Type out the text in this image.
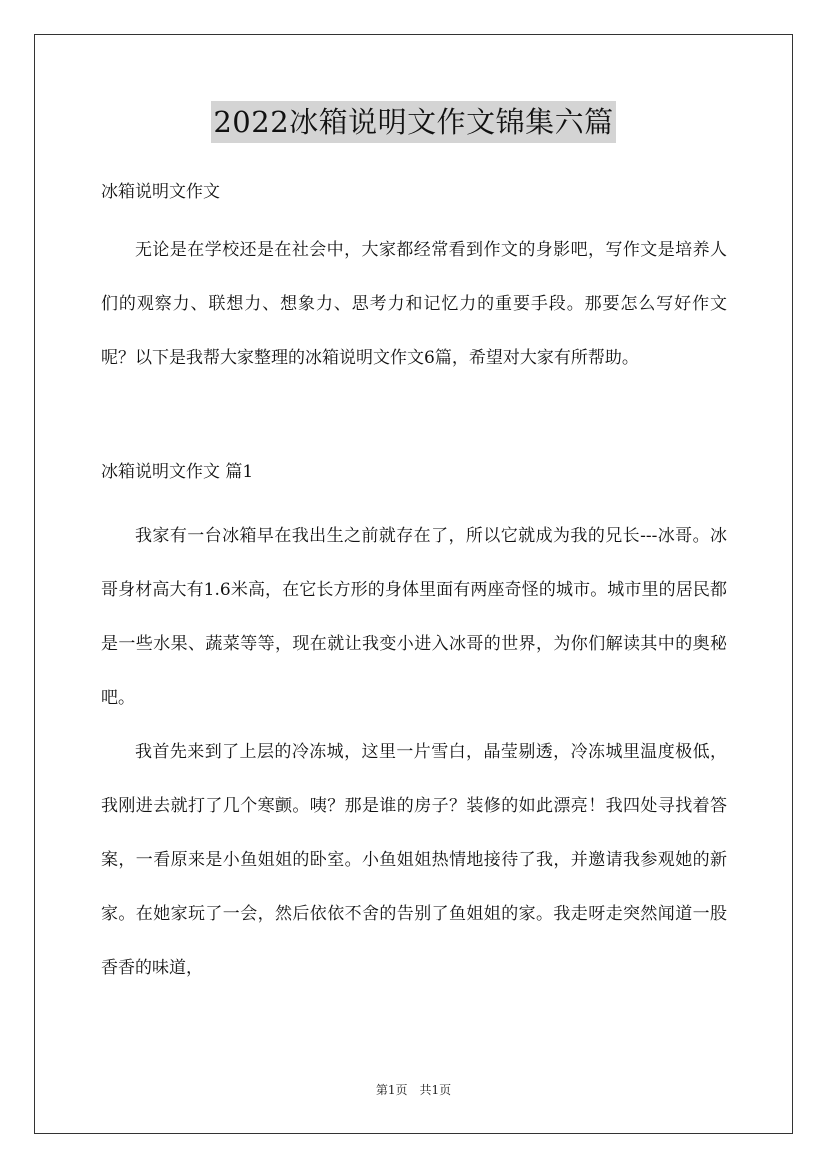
2022冰箱说明文作文锦集六篇

冰箱说明文作文

无论是在学校还是在社会中，大家都经常看到作文的身影吧，写作文是培养人们的观察力、联想力、想象力、思考力和记忆力的重要手段。那要怎么写好作文呢？以下是我帮大家整理的冰箱说明文作文6篇，希望对大家有所帮助。

冰箱说明文作文 篇1

我家有一台冰箱早在我出生之前就存在了，所以它就成为我的兄长---冰哥。冰哥身材高大有1.6米高，在它长方形的身体里面有两座奇怪的城市。城市里的居民都是一些水果、蔬菜等等，现在就让我变小进入冰哥的世界，为你们解读其中的奥秘吧。

我首先来到了上层的冷冻城，这里一片雪白，晶莹剔透，冷冻城里温度极低，我刚进去就打了几个寒颤。咦？那是谁的房子？装修的如此漂亮！我四处寻找着答案，一看原来是小鱼姐姐的卧室。小鱼姐姐热情地接待了我，并邀请我参观她的新家。在她家玩了一会，然后依依不舍的告别了鱼姐姐的家。我走呀走突然闻道一股香香的味道，

第1页 共1页
